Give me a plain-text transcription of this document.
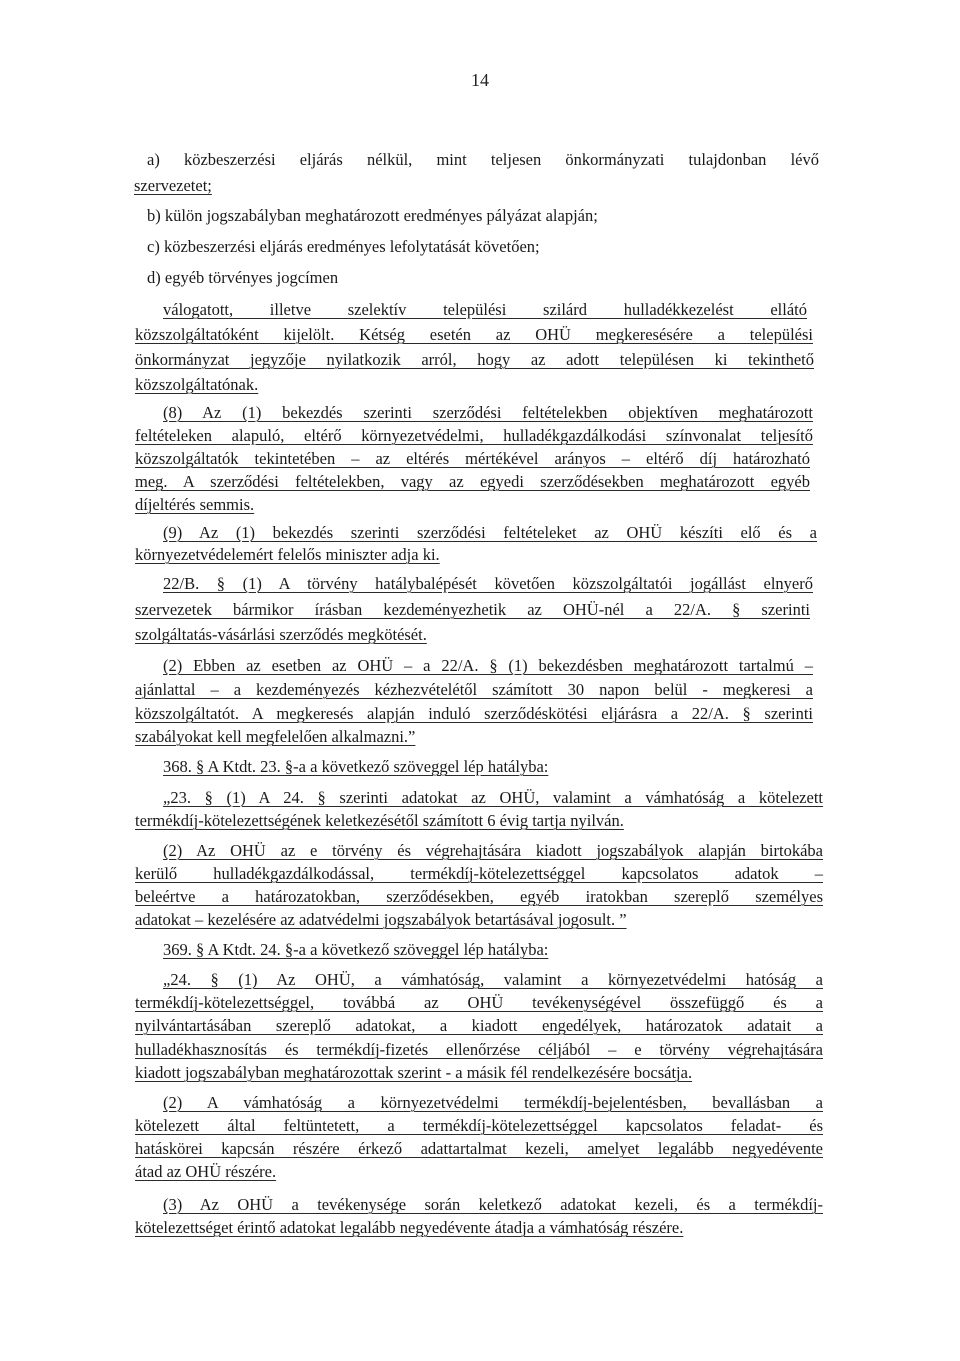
14
a) közbeszerzési eljárás nélkül, mint teljesen önkormányzati tulajdonban lévő
szervezetet;
b) külön jogszabályban meghatározott eredményes pályázat alapján;
c) közbeszerzési eljárás eredményes lefolytatását követően;
d) egyéb törvényes jogcímen
válogatott, illetve szelektív települési szilárd hulladékkezelést ellátó
közszolgáltatóként kijelölt. Kétség esetén az OHÜ megkeresésére a települési
önkormányzat jegyzője nyilatkozik arról, hogy az adott településen ki tekinthető
közszolgáltatónak.
(8) Az (1) bekezdés szerinti szerződési feltételekben objektíven meghatározott
feltételeken alapuló, eltérő környezetvédelmi, hulladékgazdálkodási színvonalat teljesítő
közszolgáltatók tekintetében – az eltérés mértékével arányos – eltérő díj határozható
meg. A szerződési feltételekben, vagy az egyedi szerződésekben meghatározott egyéb
díjeltérés semmis.
(9) Az (1) bekezdés szerinti szerződési feltételeket az OHÜ készíti elő és a
környezetvédelemért felelős miniszter adja ki.
22/B. § (1) A törvény hatálybalépését követően közszolgáltatói jogállást elnyerő
szervezetek bármikor írásban kezdeményezhetik az OHÜ-nél a 22/A. § szerinti
szolgáltatás-vásárlási szerződés megkötését.
(2) Ebben az esetben az OHÜ – a 22/A. § (1) bekezdésben meghatározott tartalmú –
ajánlattal – a kezdeményezés kézhezvételétől számított 30 napon belül - megkeresi a
közszolgáltatót. A megkeresés alapján induló szerződéskötési eljárásra a 22/A. § szerinti
szabályokat kell megfelelően alkalmazni.”
368. § A Ktdt. 23. §-a a következő szöveggel lép hatályba:
„23. § (1) A 24. § szerinti adatokat az OHÜ, valamint a vámhatóság a kötelezett
termékdíj-kötelezettségének keletkezésétől számított 6 évig tartja nyilván.
(2) Az OHÜ az e törvény és végrehajtására kiadott jogszabályok alapján birtokába
kerülő hulladékgazdálkodással, termékdíj-kötelezettséggel kapcsolatos adatok –
beleértve a határozatokban, szerződésekben, egyéb iratokban szereplő személyes
adatokat – kezelésére az adatvédelmi jogszabályok betartásával jogosult. ”
369. § A Ktdt. 24. §-a a következő szöveggel lép hatályba:
„24. § (1) Az OHÜ, a vámhatóság, valamint a környezetvédelmi hatóság a
termékdíj-kötelezettséggel, továbbá az OHÜ tevékenységével összefüggő és a
nyilvántartásában szereplő adatokat, a kiadott engedélyek, határozatok adatait a
hulladékhasznosítás és termékdíj-fizetés ellenőrzése céljából – e törvény végrehajtására
kiadott jogszabályban meghatározottak szerint - a másik fél rendelkezésére bocsátja.
(2) A vámhatóság a környezetvédelmi termékdíj-bejelentésben, bevallásban a
kötelezett által feltüntetett, a termékdíj-kötelezettséggel kapcsolatos feladat- és
hatáskörei kapcsán részére érkező adattartalmat kezeli, amelyet legalább negyedévente
átad az OHÜ részére.
(3) Az OHÜ a tevékenysége során keletkező adatokat kezeli, és a termékdíj-
kötelezettséget érintő adatokat legalább negyedévente átadja a vámhatóság részére.
